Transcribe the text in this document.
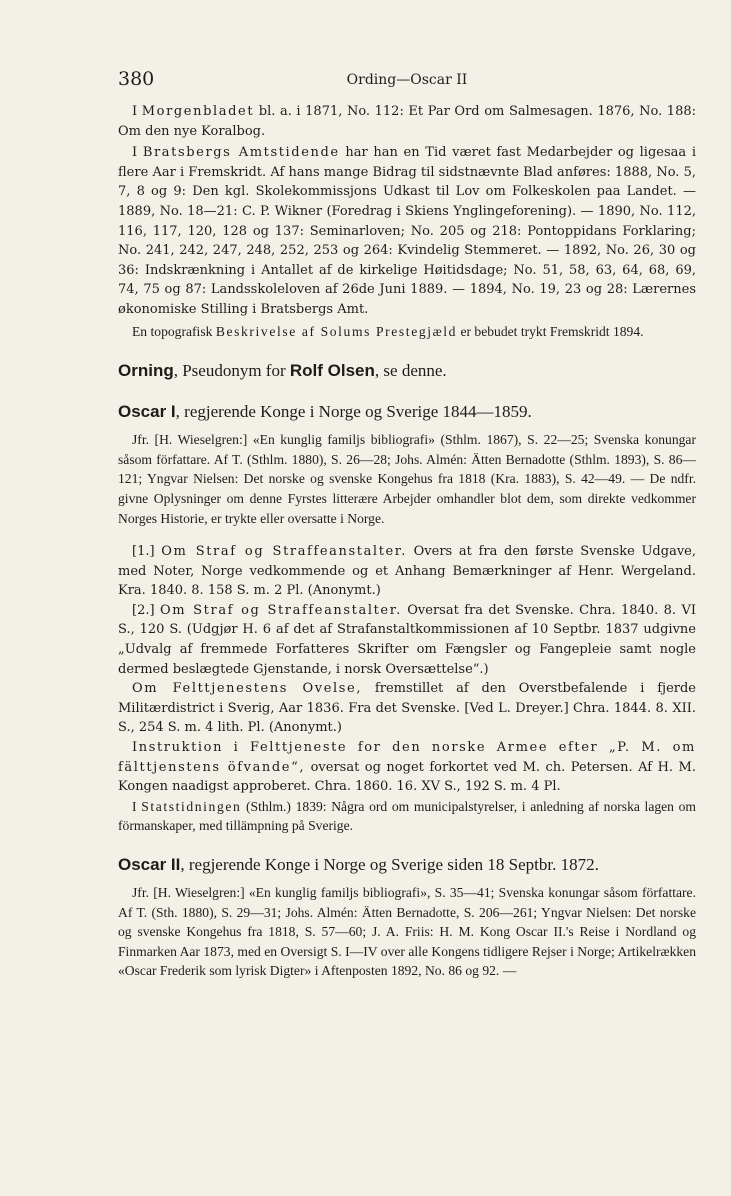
380	Ording—Oscar II

I Morgenbladet bl. a. i 1871, No. 112: Et Par Ord om Salmesagen. 1876, No. 188: Om den nye Koralbog.

I Bratsbergs Amtstidende har han en Tid været fast Medarbejder og ligesaa i flere Aar i Fremskridt. Af hans mange Bidrag til sidstnævnte Blad anføres: 1888, No. 5, 7, 8 og 9: Den kgl. Skolekommissjons Udkast til Lov om Folkeskolen paa Landet. — 1889, No. 18—21: C. P. Wikner (Foredrag i Skiens Ynglingeforening). — 1890, No. 112, 116, 117, 120, 128 og 137: Seminarloven; No. 205 og 218: Pontoppidans Forklaring; No. 241, 242, 247, 248, 252, 253 og 264: Kvindelig Stemmeret. — 1892, No. 26, 30 og 36: Indskrænkning i Antallet af de kirkelige Høitidsdage; No. 51, 58, 63, 64, 68, 69, 74, 75 og 87: Landsskoleloven af 26de Juni 1889. — 1894, No. 19, 23 og 28: Lærernes økonomiske Stilling i Bratsbergs Amt.

En topografisk Beskrivelse af Solums Prestegjæld er bebudet trykt Fremskridt 1894.

Orning, Pseudonym for Rolf Olsen, se denne.

Oscar I, regjerende Konge i Norge og Sverige 1844—1859.

Jfr. [H. Wieselgren:] «En kunglig familjs bibliografi» (Sthlm. 1867), S. 22—25; Svenska konungar såsom författare. Af T. (Sthlm. 1880), S. 26—28; Johs. Almén: Ätten Bernadotte (Sthlm. 1893), S. 86—121; Yngvar Nielsen: Det norske og svenske Kongehus fra 1818 (Kra. 1883), S. 42—49. — De ndfr. givne Oplysninger om denne Fyrstes litterære Arbejder omhandler blot dem, som direkte vedkommer Norges Historie, er trykte eller oversatte i Norge.

[1.] Om Straf og Straffeanstalter. Overs at fra den første Svenske Udgave, med Noter, Norge vedkommende og et Anhang Bemærkninger af Henr. Wergeland. Kra. 1840. 8. 158 S. m. 2 Pl. (Anonymt.)

[2.] Om Straf og Straffeanstalter. Oversat fra det Svenske. Chra. 1840. 8. VI S., 120 S. (Udgjør H. 6 af det af Strafanstaltkommissionen af 10 Septbr. 1837 udgivne „Udvalg af fremmede Forfatteres Skrifter om Fængsler og Fangepleie samt nogle dermed beslægtede Gjenstande, i norsk Oversættelse“.)

Om Felttjenestens Ovelse, fremstillet af den Overstbefalende i fjerde Militærdistrict i Sverig, Aar 1836. Fra det Svenske. [Ved L. Dreyer.] Chra. 1844. 8. XII. S., 254 S. m. 4 lith. Pl. (Anonymt.)

Instruktion i Felttjeneste for den norske Armee efter „P. M. om fälttjenstens öfvande“, oversat og noget forkortet ved M. ch. Petersen. Af H. M. Kongen naadigst approberet. Chra. 1860. 16. XV S., 192 S. m. 4 Pl.

I Statstidningen (Sthlm.) 1839: Några ord om municipalstyrelser, i anledning af norska lagen om förmanskaper, med tillämpning på Sverige.

Oscar II, regjerende Konge i Norge og Sverige siden 18 Septbr. 1872.

Jfr. [H. Wieselgren:] «En kunglig familjs bibliografi», S. 35—41; Svenska konungar såsom författare. Af T. (Sth. 1880), S. 29—31; Johs. Almén: Ätten Bernadotte, S. 206—261; Yngvar Nielsen: Det norske og svenske Kongehus fra 1818, S. 57—60; J. A. Friis: H. M. Kong Oscar II.'s Reise i Nordland og Finmarken Aar 1873, med en Oversigt S. I—IV over alle Kongens tidligere Rejser i Norge; Artikelrækken «Oscar Frederik som lyrisk Digter» i Aftenposten 1892, No. 86 og 92. —
